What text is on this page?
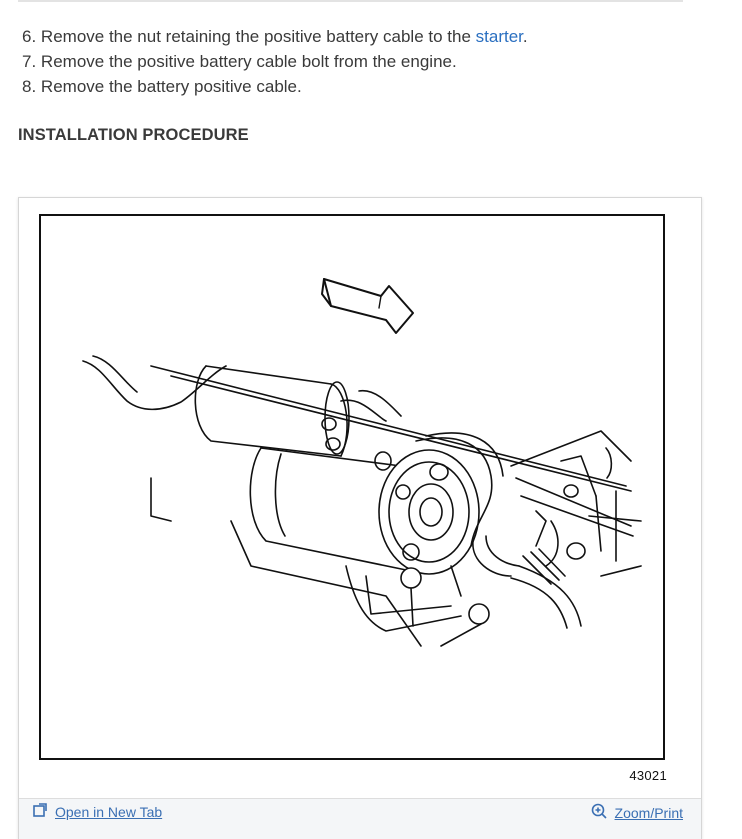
6. Remove the nut retaining the positive battery cable to the starter.
7. Remove the positive battery cable bolt from the engine.
8. Remove the battery positive cable.
INSTALLATION PROCEDURE
43021
Open in New Tab	Zoom/Print
